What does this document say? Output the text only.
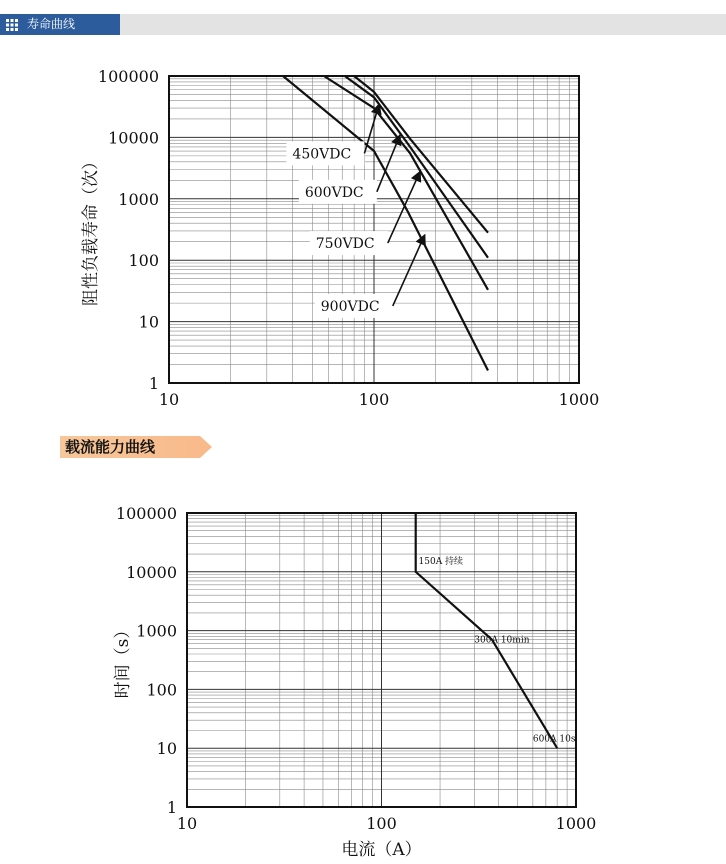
寿命曲线
载流能力曲线
100000
10000
1000
100
10
1
10	100	1000
阻性负载寿命（次）	450VDC
600VDC
750VDC
900VDC
100000
10000
1000
100
10
1
10	100	1000
时间（s）
电流（A）
150A 持续
300A 10min
600A 10s
